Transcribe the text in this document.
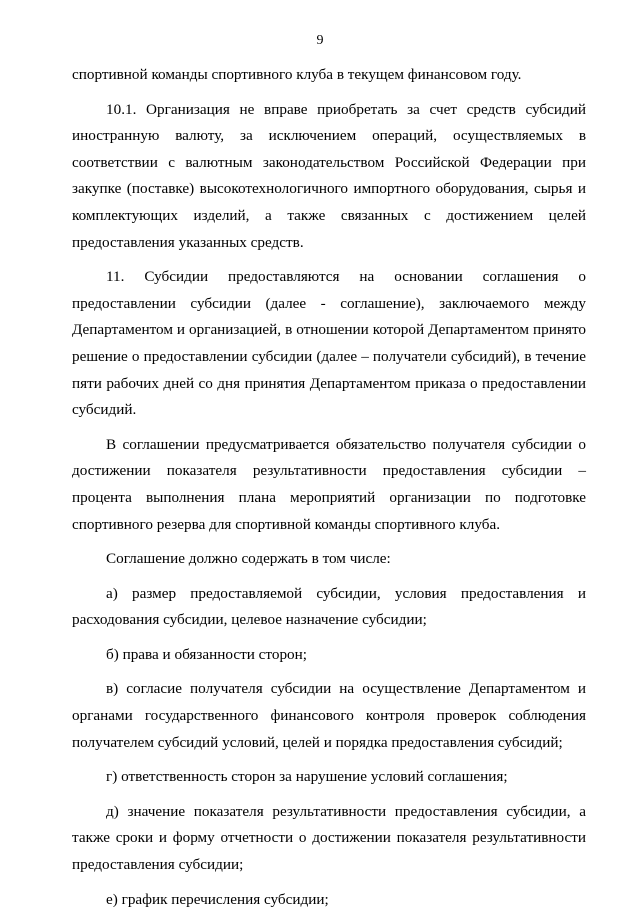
9

спортивной команды спортивного клуба в текущем финансовом году.

10.1. Организация не вправе приобретать за счет средств субсидий иностранную валюту, за исключением операций, осуществляемых в соответствии с валютным законодательством Российской Федерации при закупке (поставке) высокотехнологичного импортного оборудования, сырья и комплектующих изделий, а также связанных с достижением целей предоставления указанных средств.

11. Субсидии предоставляются на основании соглашения о предоставлении субсидии (далее - соглашение), заключаемого между Департаментом и организацией, в отношении которой Департаментом принято решение о предоставлении субсидии (далее – получатели субсидий), в течение пяти рабочих дней со дня принятия Департаментом приказа о предоставлении субсидий.

В соглашении предусматривается обязательство получателя субсидии о достижении показателя результативности предоставления субсидии – процента выполнения плана мероприятий организации по подготовке спортивного резерва для спортивной команды спортивного клуба.

Соглашение должно содержать в том числе:

а) размер предоставляемой субсидии, условия предоставления и расходования субсидии, целевое назначение субсидии;

б) права и обязанности сторон;

в) согласие получателя субсидии на осуществление Департаментом и органами государственного финансового контроля проверок соблюдения получателем субсидий условий, целей и порядка предоставления субсидий;

г) ответственность сторон за нарушение условий соглашения;

д) значение показателя результативности предоставления субсидии, а также сроки и форму отчетности о достижении показателя результативности предоставления субсидии;

е) график перечисления субсидии;
